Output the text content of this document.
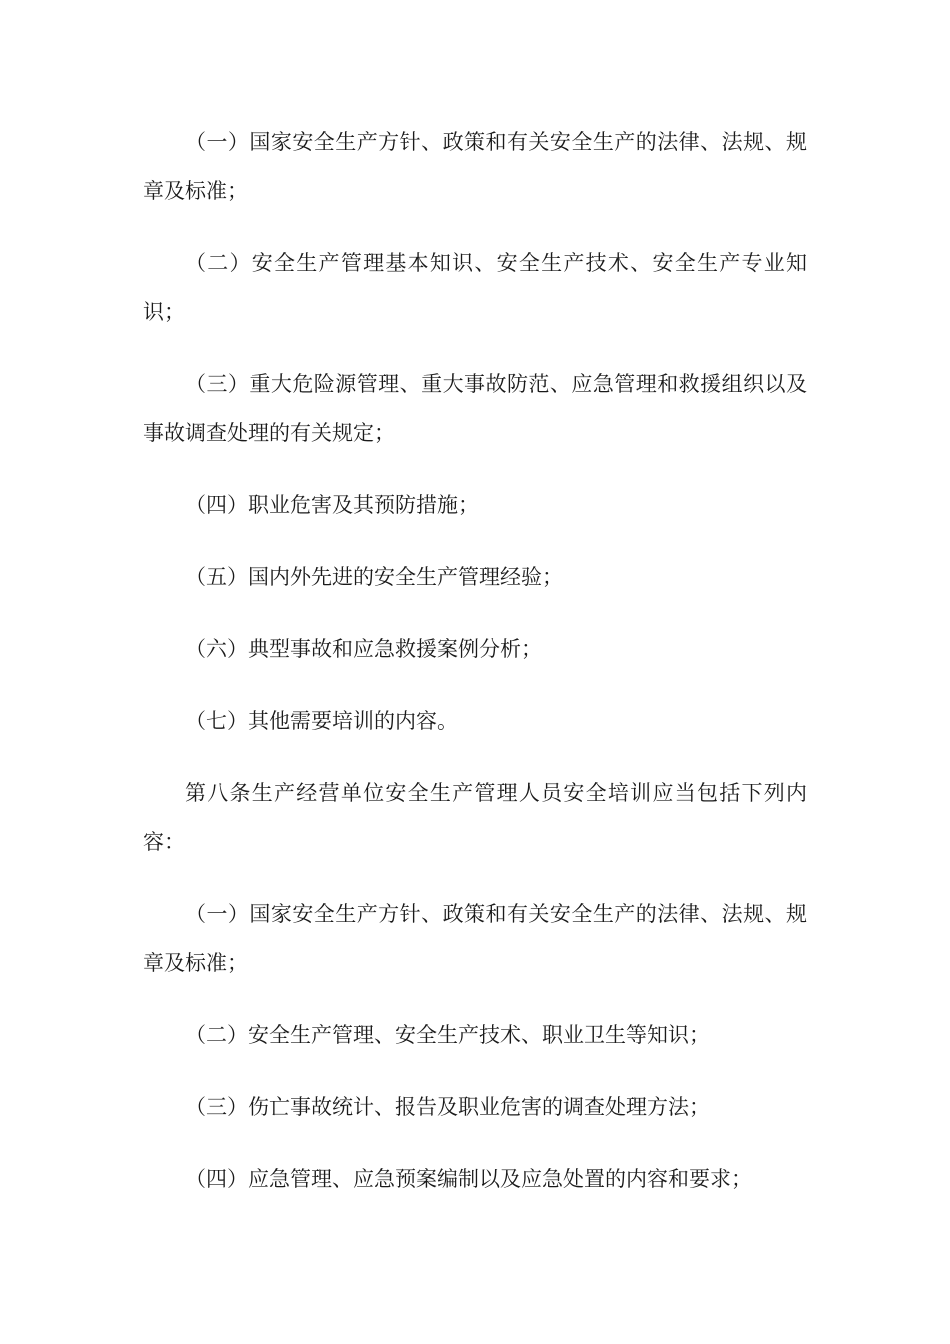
（一）国家安全生产方针、政策和有关安全生产的法律、法规、规章及标准；

（二）安全生产管理基本知识、安全生产技术、安全生产专业知识；

（三）重大危险源管理、重大事故防范、应急管理和救援组织以及事故调查处理的有关规定；

（四）职业危害及其预防措施；

（五）国内外先进的安全生产管理经验；

（六）典型事故和应急救援案例分析；

（七）其他需要培训的内容。

第八条生产经营单位安全生产管理人员安全培训应当包括下列内容：

（一）国家安全生产方针、政策和有关安全生产的法律、法规、规章及标准；

（二）安全生产管理、安全生产技术、职业卫生等知识；

（三）伤亡事故统计、报告及职业危害的调查处理方法；

（四）应急管理、应急预案编制以及应急处置的内容和要求；
